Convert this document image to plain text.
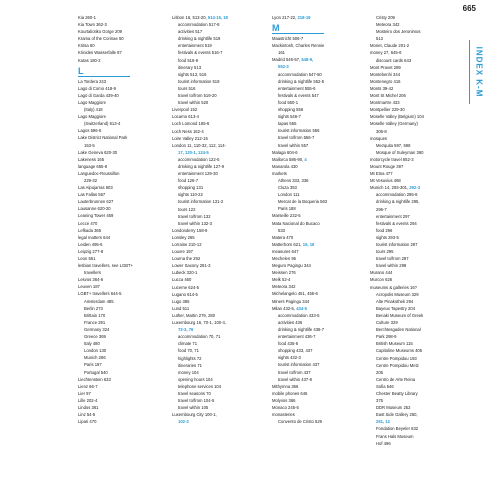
665
INDEX K-M
Kia 260-1
Kia Town 362-3
Kourtaliotiko Gorge 209
Krama of the Corinae 50
Kritsa 60
Krinides Wasserfalle 87
Kutas 180-2
L
La Tordera 243
Lago di Como 418-9
Lago di Garda 439-40
Lago Maggiore
(Italy) 418
Lago Maggiore
(Switzerland) 613-4
Lagos 596-5
Lake District National Park
153-5
Lake Geneva 620-30
Lakeness 165
language 655-8
Languedoc-Roussillon
229-32
Las Alpujarras 603
Las Fallas 567
Lauterbrunnen 627
Lausanne 620-20
Leaning Tower 459
Lecce 470
Lefkada 365
legal matters 644
Leiden 495-6
Leipzig 277-8
Leon 561
lesbian travellers, see LGBT+
travellers
Lesvos 364-6
Leuven 187
LGBT+ travellers 644-5
Amsterdam 485
Berlin 273
Brittain 170
France 291
Germany 324
Greece 369
Italy 480
London 130
Munich 286
Paris 197
Portugal 540
Liechtenstein 633
Lienz 66-7
Lier 97
Lille 202-4
Lindos 361
Linz 54-5
Lipari 470
Lisbon 16, 513-20, 514-15, 18
accommodation 517-8
activities 517
drinking & nightlife 519
entertainment 519
festivals & events 516-7
food 518-9
itinerary 513
sights 513, 516
tourist information 519
tours 516
travel to/from 519-20
travel within 520
Liverpool 152
Locarno 613-4
Loch Lomond 165-6
Loch Ness 162-4
Loire Valley 212-15
London 11, 110-32, 112, 114-
17, 120-1, 124-5
accommodation 122-5
drinking & nightlife 127-9
entertainment 129-30
food 126-7
shopping 131
sights 110-22
tourist information 131-2
tours 122
travel to/from 132
travel within 132-3
Londonderry 158-9
Lonsley 265
Lorraine 210-12
Louvre 197
Lourna the 292
Lower Saxony 281-3
Lubeck 320-1
Lucca 460
Lucerne 624-5
Lugano 614-5
Lugo 385
Lund 511
Luther, Martin 279, 280
Luxembourg 16, 70-1, 100-4,
72-3, 76
accommodation 70, 71
climate 71
food 70, 71
highlights 72
itineraries 71
money 104
opening hours 104
telephone services 104
travel seasons 70
travel to/from 104-5
travel within 105
Luxembourg City 100-1,
102-3
Lyon 217-22, 218-19
M
Maastricht 506-7
Mackintosh, Charles Rennie
161
Madrid 546-57, 548-9,
552-3
accommodation 547-50
drinking & nightlife 552-5
entertainment 555-6
festivals & events 547
food 550-1
shopping 556
sights 546-7
tapas 555
tourist information 556
travel to/from 556-7
travel within 557
Malaga 604-6
Mallorca 586-90, 4
Manarola 430
markets
Athens 333, 336
Cluza 353
London 111
Mercat de la Boqueria 563
Paris 188
Marseille 232-5
Mata Nacional do Bucaco
533
Matera 470
Matterhorn 621, 15, 16
measures 647
Mechelen 95
Meguro Pagingu 344
Meissen 276
Melk 52-4
Meteora 342
Michelangelo 451, 455-6
Miners Pagingu 344
Milan 432-5, 434-5
accommodation 433-5
activities 436
drinking & nightlife 436-7
entertainment 436-7
food 435-6
shopping 433, 437
sights 432-3
tourist information 437
travel to/from 437
travel within 437-8
Mithymna 366
mobile phones 646
Molyvos 366
Monaco 245-6
monasteries
Convento de Cristo 529
Cristy 209
Meteora 342
Mosteiro dos Jeronimos
513
Monet, Claude 201-2
money 27, 645-6
discount cards 643
Mont Pravet 289
Montebenhi 344
Montenegro 416
Monts 39-42
Mont St Michel 206
Montmartre 433
Montpellier 229-30
Moselle Valley (Belgium) 104
Moselle Valley (Germany)
306-8
mosques
Mezquita 597, 598
Mosque of Suleyman 360
motorcycle travel 652-3
Mount Rouge 397
Mt Etna 477
Mt Vesuvius 468
Munich 14, 293-301, 292-3
accommodation 295-6
drinking & nightlife 295,
296-7
entertainment 297
festivals & events 294
food 296
sights 293-5
tourist information 297
tours 295
travel to/from 297
travel within 298
Murano 444
Murcon 626
museums & galleries 16?
Acropolis Museum 329
Alte Pinakothek 294
Bayeux Tapestry 204
Benaki Museum of Greek
Culture 329
Berchtesgaden National
Park 298-9
British Museum 115
Capitoline Museums 405
Centre Pompidou 193
Centre Pompidou Metz
205
Centro de Arte Reina
Sofia 546
Chester Beatty Library
375
DDR Museum 252
East Side Gallery 250,
251, 12
Fondation Beyeler 632
Frans Hals Museum
Hof 496
